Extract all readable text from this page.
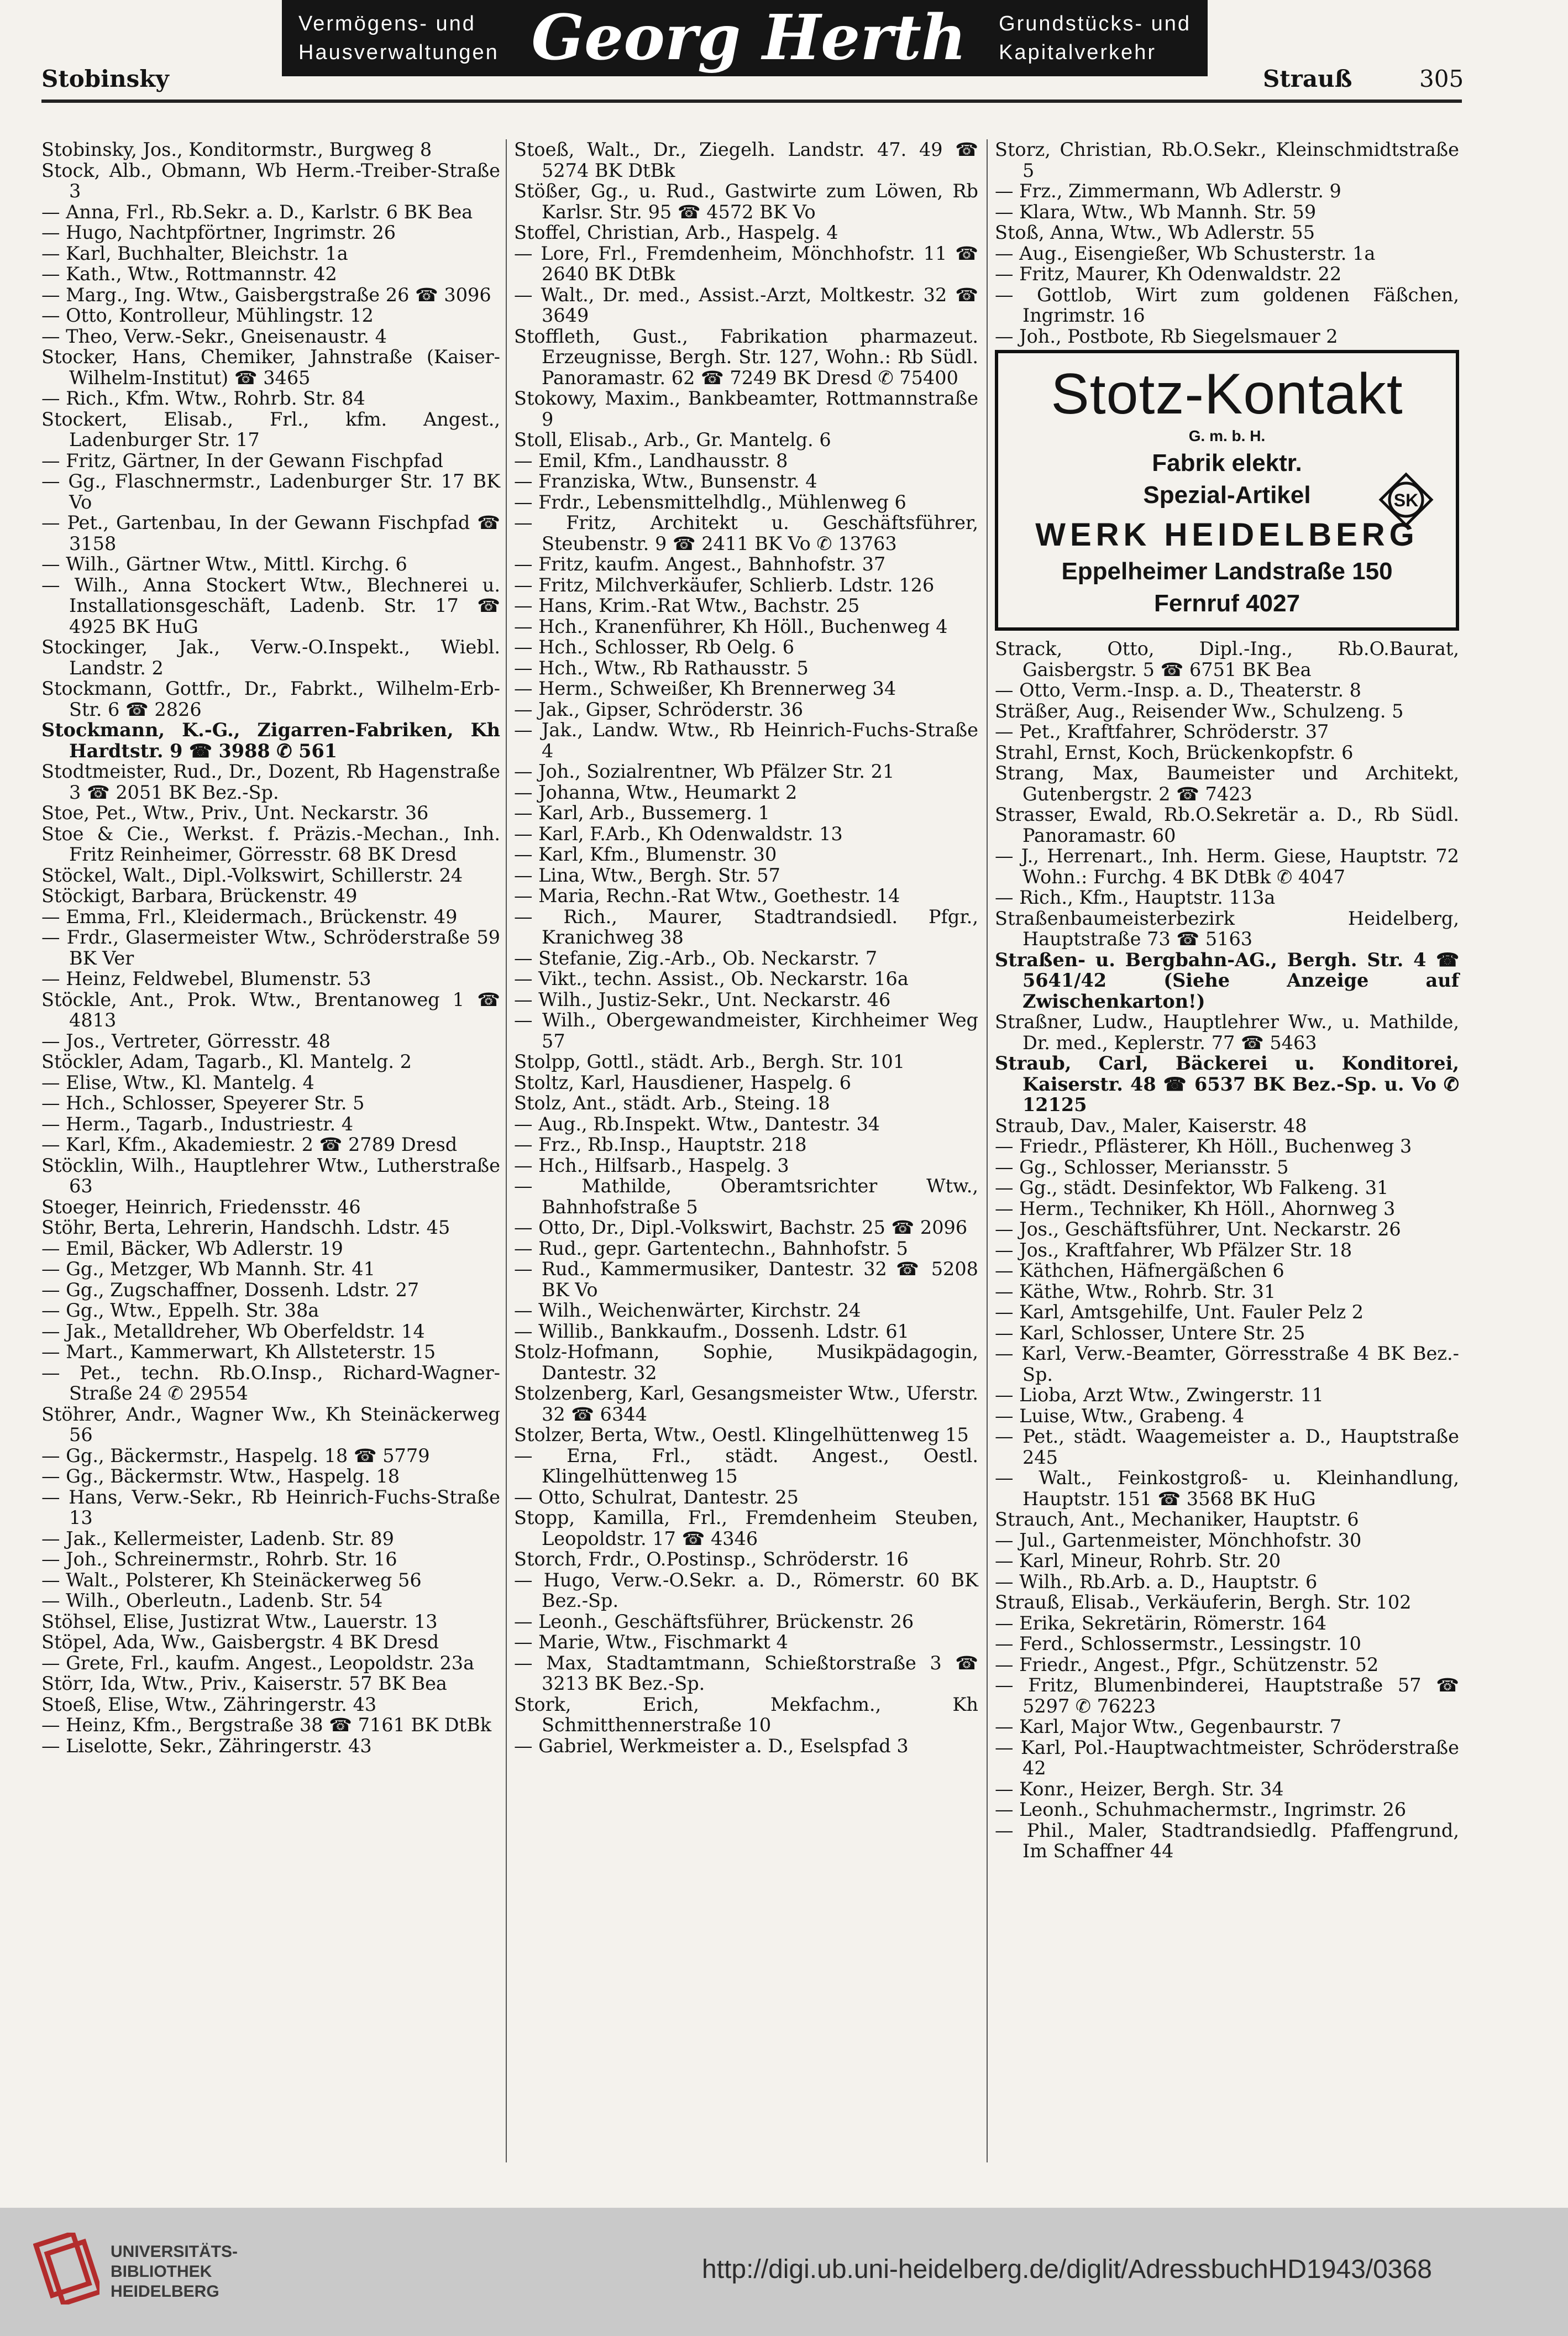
Vermögens- und
Hausverwaltungen Georg Herth Grundstücks- und
Kapitalverkehr
Stobinsky	Strauß	305

Stobinsky, Jos., Konditormstr., Burgweg 8

Stock, Alb., Obmann, Wb Herm.-Treiber-Straße 3

— Anna, Frl., Rb.Sekr. a. D., Karlstr. 6 BK Bea

— Hugo, Nachtpförtner, Ingrimstr. 26

— Karl, Buchhalter, Bleichstr. 1a

— Kath., Wtw., Rottmannstr. 42

— Marg., Ing. Wtw., Gaisbergstraße 26 ☎ 3096

— Otto, Kontrolleur, Mühlingstr. 12

— Theo, Verw.-Sekr., Gneisenaustr. 4

Stocker, Hans, Chemiker, Jahnstraße (Kaiser-Wilhelm-Institut) ☎ 3465

— Rich., Kfm. Wtw., Rohrb. Str. 84

Stockert, Elisab., Frl., kfm. Angest., Ladenburger Str. 17

— Fritz, Gärtner, In der Gewann Fischpfad

— Gg., Flaschnermstr., Ladenburger Str. 17 BK Vo

— Pet., Gartenbau, In der Gewann Fischpfad ☎ 3158

— Wilh., Gärtner Wtw., Mittl. Kirchg. 6

— Wilh., Anna Stockert Wtw., Blechnerei u. Installationsgeschäft, Ladenb. Str. 17 ☎ 4925 BK HuG

Stockinger, Jak., Verw.-O.Inspekt., Wiebl. Landstr. 2

Stockmann, Gottfr., Dr., Fabrkt., Wilhelm-Erb-Str. 6 ☎ 2826

Stockmann, K.-G., Zigarren-Fabriken, Kh Hardtstr. 9 ☎ 3988 ✆ 561

Stodtmeister, Rud., Dr., Dozent, Rb Hagenstraße 3 ☎ 2051 BK Bez.-Sp.

Stoe, Pet., Wtw., Priv., Unt. Neckarstr. 36

Stoe & Cie., Werkst. f. Präzis.-Mechan., Inh. Fritz Reinheimer, Görresstr. 68 BK Dresd

Stöckel, Walt., Dipl.-Volkswirt, Schillerstr. 24

Stöckigt, Barbara, Brückenstr. 49

— Emma, Frl., Kleidermach., Brückenstr. 49

— Frdr., Glasermeister Wtw., Schröderstraße 59 BK Ver

— Heinz, Feldwebel, Blumenstr. 53

Stöckle, Ant., Prok. Wtw., Brentanoweg 1 ☎ 4813

— Jos., Vertreter, Görresstr. 48

Stöckler, Adam, Tagarb., Kl. Mantelg. 2

— Elise, Wtw., Kl. Mantelg. 4

— Hch., Schlosser, Speyerer Str. 5

— Herm., Tagarb., Industriestr. 4

— Karl, Kfm., Akademiestr. 2 ☎ 2789 Dresd

Stöcklin, Wilh., Hauptlehrer Wtw., Lutherstraße 63

Stoeger, Heinrich, Friedensstr. 46

Stöhr, Berta, Lehrerin, Handschh. Ldstr. 45

— Emil, Bäcker, Wb Adlerstr. 19

— Gg., Metzger, Wb Mannh. Str. 41

— Gg., Zugschaffner, Dossenh. Ldstr. 27

— Gg., Wtw., Eppelh. Str. 38a

— Jak., Metalldreher, Wb Oberfeldstr. 14

— Mart., Kammerwart, Kh Allsteterstr. 15

— Pet., techn. Rb.O.Insp., Richard-Wagner-Straße 24 ✆ 29554

Stöhrer, Andr., Wagner Ww., Kh Steinäckerweg 56

— Gg., Bäckermstr., Haspelg. 18 ☎ 5779

— Gg., Bäckermstr. Wtw., Haspelg. 18

— Hans, Verw.-Sekr., Rb Heinrich-Fuchs-Straße 13

— Jak., Kellermeister, Ladenb. Str. 89

— Joh., Schreinermstr., Rohrb. Str. 16

— Walt., Polsterer, Kh Steinäckerweg 56

— Wilh., Oberleutn., Ladenb. Str. 54

Stöhsel, Elise, Justizrat Wtw., Lauerstr. 13

Stöpel, Ada, Ww., Gaisbergstr. 4 BK Dresd

— Grete, Frl., kaufm. Angest., Leopoldstr. 23a

Störr, Ida, Wtw., Priv., Kaiserstr. 57 BK Bea

Stoeß, Elise, Wtw., Zähringerstr. 43

— Heinz, Kfm., Bergstraße 38 ☎ 7161 BK DtBk

— Liselotte, Sekr., Zähringerstr. 43

Stoeß, Walt., Dr., Ziegelh. Landstr. 47. 49 ☎ 5274 BK DtBk

Stößer, Gg., u. Rud., Gastwirte zum Löwen, Rb Karlsr. Str. 95 ☎ 4572 BK Vo

Stoffel, Christian, Arb., Haspelg. 4

— Lore, Frl., Fremdenheim, Mönchhofstr. 11 ☎ 2640 BK DtBk

— Walt., Dr. med., Assist.-Arzt, Moltkestr. 32 ☎ 3649

Stoffleth, Gust., Fabrikation pharmazeut. Erzeugnisse, Bergh. Str. 127, Wohn.: Rb Südl. Panoramastr. 62 ☎ 7249 BK Dresd ✆ 75400

Stokowy, Maxim., Bankbeamter, Rottmannstraße 9

Stoll, Elisab., Arb., Gr. Mantelg. 6

— Emil, Kfm., Landhausstr. 8

— Franziska, Wtw., Bunsenstr. 4

— Frdr., Lebensmittelhdlg., Mühlenweg 6

— Fritz, Architekt u. Geschäftsführer, Steubenstr. 9 ☎ 2411 BK Vo ✆ 13763

— Fritz, kaufm. Angest., Bahnhofstr. 37

— Fritz, Milchverkäufer, Schlierb. Ldstr. 126

— Hans, Krim.-Rat Wtw., Bachstr. 25

— Hch., Kranenführer, Kh Höll., Buchenweg 4

— Hch., Schlosser, Rb Oelg. 6

— Hch., Wtw., Rb Rathausstr. 5

— Herm., Schweißer, Kh Brennerweg 34

— Jak., Gipser, Schröderstr. 36

— Jak., Landw. Wtw., Rb Heinrich-Fuchs-Straße 4

— Joh., Sozialrentner, Wb Pfälzer Str. 21

— Johanna, Wtw., Heumarkt 2

— Karl, Arb., Bussemerg. 1

— Karl, F.Arb., Kh Odenwaldstr. 13

— Karl, Kfm., Blumenstr. 30

— Lina, Wtw., Bergh. Str. 57

— Maria, Rechn.-Rat Wtw., Goethestr. 14

— Rich., Maurer, Stadtrandsiedl. Pfgr., Kranichweg 38

— Stefanie, Zig.-Arb., Ob. Neckarstr. 7

— Vikt., techn. Assist., Ob. Neckarstr. 16a

— Wilh., Justiz-Sekr., Unt. Neckarstr. 46

— Wilh., Obergewandmeister, Kirchheimer Weg 57

Stolpp, Gottl., städt. Arb., Bergh. Str. 101

Stoltz, Karl, Hausdiener, Haspelg. 6

Stolz, Ant., städt. Arb., Steing. 18

— Aug., Rb.Inspekt. Wtw., Dantestr. 34

— Frz., Rb.Insp., Hauptstr. 218

— Hch., Hilfsarb., Haspelg. 3

— Mathilde, Oberamtsrichter Wtw., Bahnhofstraße 5

— Otto, Dr., Dipl.-Volkswirt, Bachstr. 25 ☎ 2096

— Rud., gepr. Gartentechn., Bahnhofstr. 5

— Rud., Kammermusiker, Dantestr. 32 ☎ 5208 BK Vo

— Wilh., Weichenwärter, Kirchstr. 24

— Willib., Bankkaufm., Dossenh. Ldstr. 61

Stolz-Hofmann, Sophie, Musikpädagogin, Dantestr. 32

Stolzenberg, Karl, Gesangsmeister Wtw., Uferstr. 32 ☎ 6344

Stolzer, Berta, Wtw., Oestl. Klingelhüttenweg 15

— Erna, Frl., städt. Angest., Oestl. Klingelhüttenweg 15

— Otto, Schulrat, Dantestr. 25

Stopp, Kamilla, Frl., Fremdenheim Steuben, Leopoldstr. 17 ☎ 4346

Storch, Frdr., O.Postinsp., Schröderstr. 16

— Hugo, Verw.-O.Sekr. a. D., Römerstr. 60 BK Bez.-Sp.

— Leonh., Geschäftsführer, Brückenstr. 26

— Marie, Wtw., Fischmarkt 4

— Max, Stadtamtmann, Schießtorstraße 3 ☎ 3213 BK Bez.-Sp.

Stork, Erich, Mekfachm., Kh Schmitthennerstraße 10

— Gabriel, Werkmeister a. D., Eselspfad 3

Storz, Christian, Rb.O.Sekr., Kleinschmidtstraße 5

— Frz., Zimmermann, Wb Adlerstr. 9

— Klara, Wtw., Wb Mannh. Str. 59

Stoß, Anna, Wtw., Wb Adlerstr. 55

— Aug., Eisengießer, Wb Schusterstr. 1a

— Fritz, Maurer, Kh Odenwaldstr. 22

— Gottlob, Wirt zum goldenen Fäßchen, Ingrimstr. 16

— Joh., Postbote, Rb Siegelsmauer 2

Stotz-Kontakt
G. m. b. H.
Fabrik elektr.
Spezial-Artikel	SK
WERK HEIDELBERG
Eppelheimer Landstraße 150
Fernruf 4027

Strack, Otto, Dipl.-Ing., Rb.O.Baurat, Gaisbergstr. 5 ☎ 6751 BK Bea

— Otto, Verm.-Insp. a. D., Theaterstr. 8

Sträßer, Aug., Reisender Ww., Schulzeng. 5

— Pet., Kraftfahrer, Schröderstr. 37

Strahl, Ernst, Koch, Brückenkopfstr. 6

Strang, Max, Baumeister und Architekt, Gutenbergstr. 2 ☎ 7423

Strasser, Ewald, Rb.O.Sekretär a. D., Rb Südl. Panoramastr. 60

— J., Herrenart., Inh. Herm. Giese, Hauptstr. 72 Wohn.: Furchg. 4 BK DtBk ✆ 4047

— Rich., Kfm., Hauptstr. 113a

Straßenbaumeisterbezirk Heidelberg, Hauptstraße 73 ☎ 5163

Straßen- u. Bergbahn-AG., Bergh. Str. 4 ☎ 5641/42 (Siehe Anzeige auf Zwischenkarton!)

Straßner, Ludw., Hauptlehrer Ww., u. Mathilde, Dr. med., Keplerstr. 77 ☎ 5463

Straub, Carl, Bäckerei u. Konditorei, Kaiserstr. 48 ☎ 6537 BK Bez.-Sp. u. Vo ✆ 12125

Straub, Dav., Maler, Kaiserstr. 48

— Friedr., Pflästerer, Kh Höll., Buchenweg 3

— Gg., Schlosser, Meriansstr. 5

— Gg., städt. Desinfektor, Wb Falkeng. 31

— Herm., Techniker, Kh Höll., Ahornweg 3

— Jos., Geschäftsführer, Unt. Neckarstr. 26

— Jos., Kraftfahrer, Wb Pfälzer Str. 18

— Käthchen, Häfnergäßchen 6

— Käthe, Wtw., Rohrb. Str. 31

— Karl, Amtsgehilfe, Unt. Fauler Pelz 2

— Karl, Schlosser, Untere Str. 25

— Karl, Verw.-Beamter, Görresstraße 4 BK Bez.-Sp.

— Lioba, Arzt Wtw., Zwingerstr. 11

— Luise, Wtw., Grabeng. 4

— Pet., städt. Waagemeister a. D., Hauptstraße 245

— Walt., Feinkostgroß- u. Kleinhandlung, Hauptstr. 151 ☎ 3568 BK HuG

Strauch, Ant., Mechaniker, Hauptstr. 6

— Jul., Gartenmeister, Mönchhofstr. 30

— Karl, Mineur, Rohrb. Str. 20

— Wilh., Rb.Arb. a. D., Hauptstr. 6

Strauß, Elisab., Verkäuferin, Bergh. Str. 102

— Erika, Sekretärin, Römerstr. 164

— Ferd., Schlossermstr., Lessingstr. 10

— Friedr., Angest., Pfgr., Schützenstr. 52

— Fritz, Blumenbinderei, Hauptstraße 57 ☎ 5297 ✆ 76223

— Karl, Major Wtw., Gegenbaurstr. 7

— Karl, Pol.-Hauptwachtmeister, Schröderstraße 42

— Konr., Heizer, Bergh. Str. 34

— Leonh., Schuhmachermstr., Ingrimstr. 26

— Phil., Maler, Stadtrandsiedlg. Pfaffengrund, Im Schaffner 44

UNIVERSITÄTS-
BIBLIOTHEK
HEIDELBERG
http://digi.ub.uni-heidelberg.de/diglit/AdressbuchHD1943/0368
